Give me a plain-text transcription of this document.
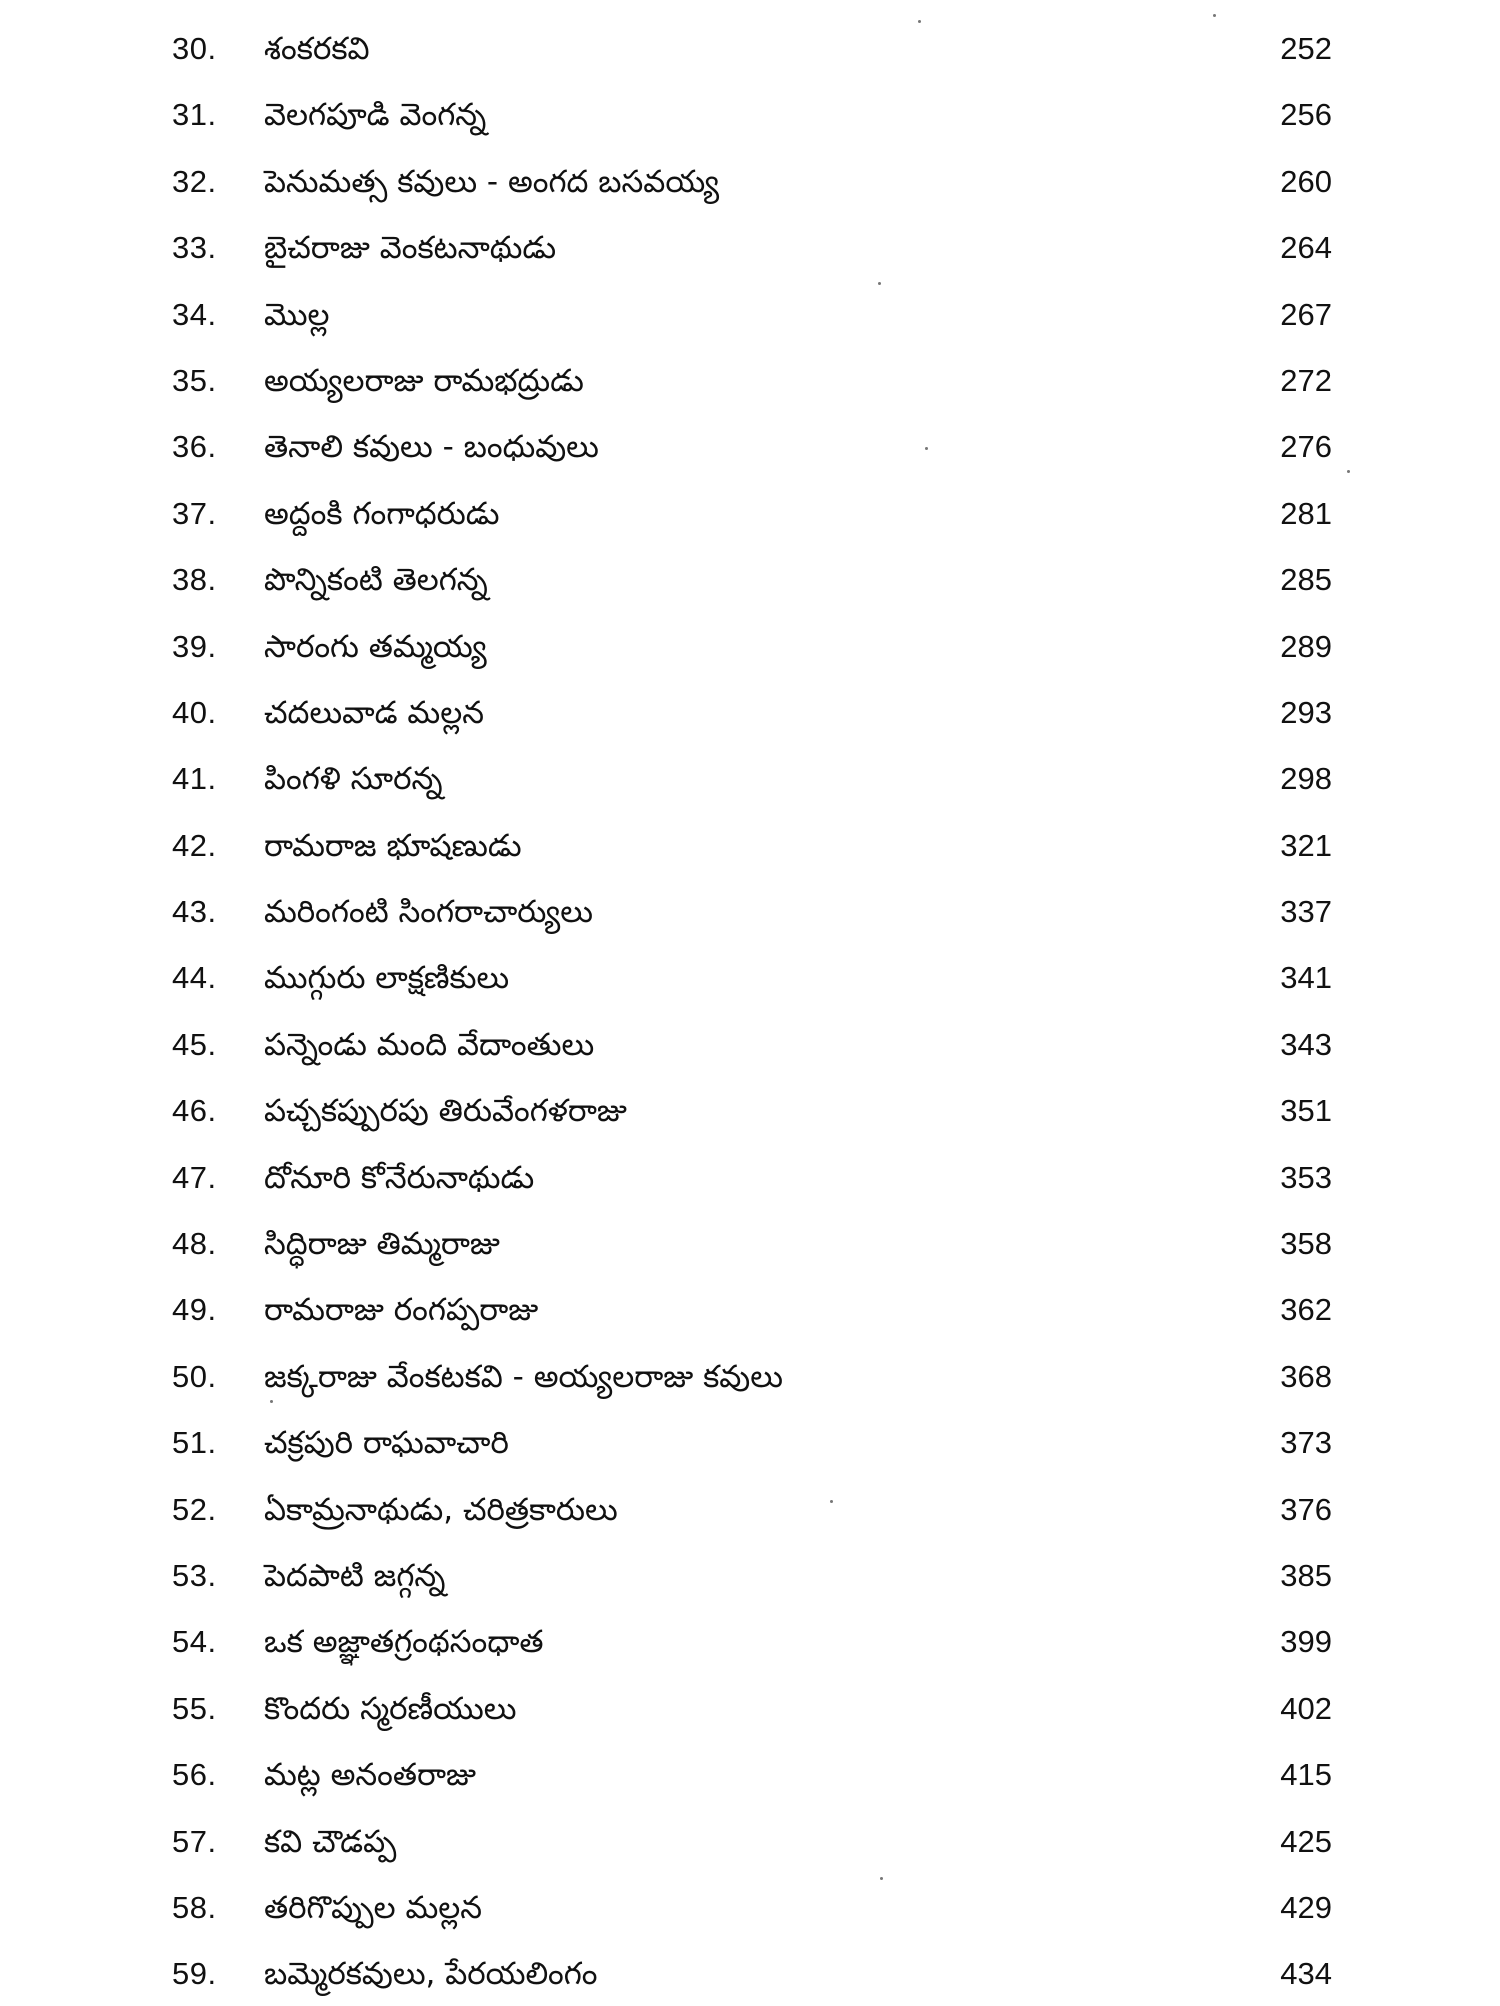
30. శంకరకవి	252
31. వెలగపూడి వెంగన్న	256
32. పెనుమత్స కవులు - అంగద బసవయ్య	260
33. బైచరాజు వెంకటనాథుడు	264
34. మొల్ల	267
35. అయ్యలరాజు రామభద్రుడు	272
36. తెనాలి కవులు - బంధువులు	276
37. అద్దంకి గంగాధరుడు	281
38. పొన్నికంటి తెలగన్న	285
39. సారంగు తమ్మయ్య	289
40. చదలువాడ మల్లన	293
41. పింగళి సూరన్న	298
42. రామరాజ భూషణుడు	321
43. మరింగంటి సింగరాచార్యులు	337
44. ముగ్గురు లాక్షణికులు	341
45. పన్నెండు మంది వేదాంతులు	343
46. పచ్చకప్పురపు తిరువేంగళరాజు	351
47. దోనూరి కోనేరునాథుడు	353
48. సిద్ధిరాజు తిమ్మరాజు	358
49. రామరాజు రంగప్పరాజు	362
50. జక్కరాజు వేంకటకవి - అయ్యలరాజు కవులు	368
51. చక్రపురి రాఘవాచారి	373
52. ఏకామ్రనాథుడు, చరిత్రకారులు	376
53. పెదపాటి జగ్గన్న	385
54. ఒక అజ్ఞాతగ్రంథసంధాత	399
55. కొందరు స్మరణీయులు	402
56. మట్ల అనంతరాజు	415
57. కవి చౌడప్ప	425
58. తరిగొప్పుల మల్లన	429
59. బమ్మెరకవులు, పేరయలింగం	434
